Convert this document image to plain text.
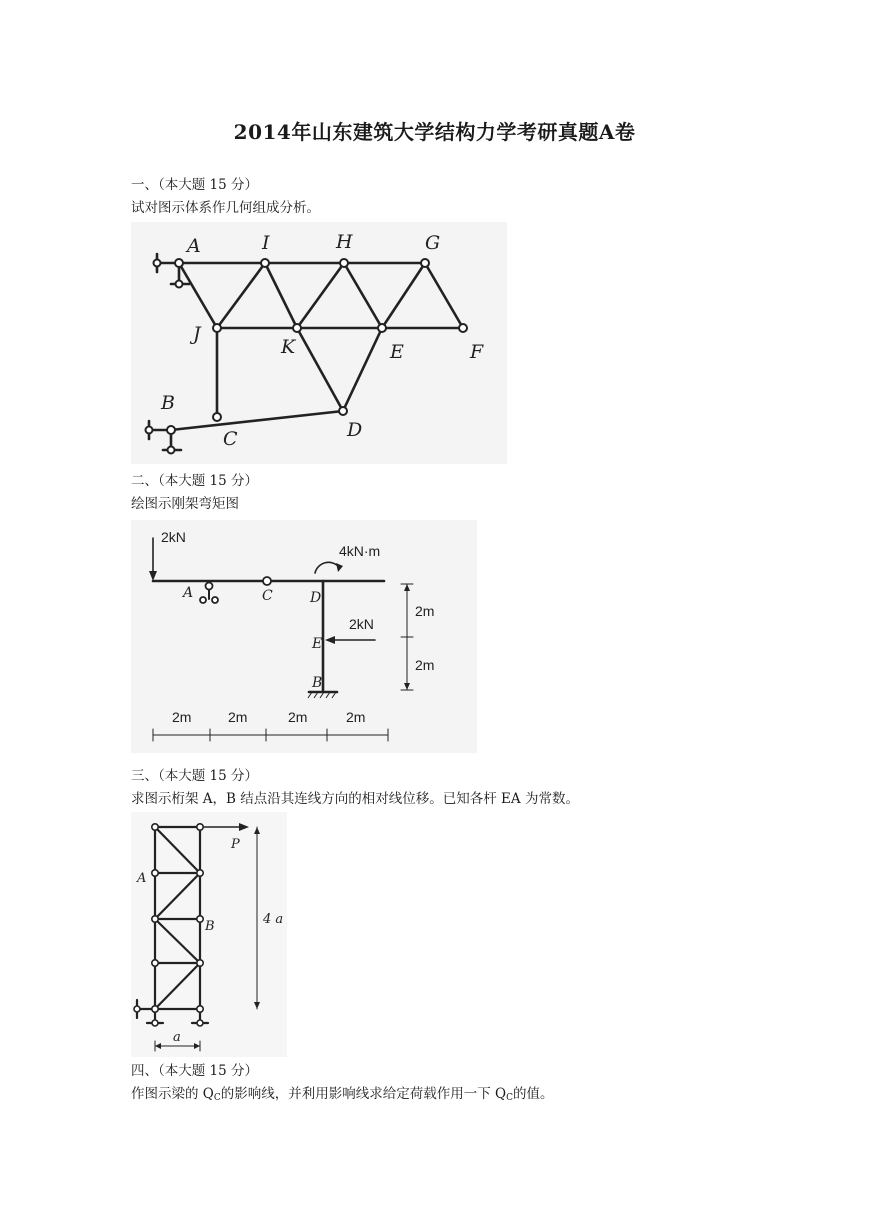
2014年山东建筑大学结构力学考研真题A卷
一、（本大题 15 分）
试对图示体系作几何组成分析。
A	I	H	G
J
K	E	F
B
C	D
二、（本大题 15 分）
绘图示刚架弯矩图
2kN
4kN·m
2kN
2m
2m
2m	2m	2m	2m
A	C	D
E
B
三、（本大题 15 分）
求图示桁架 A，B 结点沿其连线方向的相对线位移。已知各杆 EA 为常数。
P
A
B	4 a
a
四、（本大题 15 分）
作图示梁的 $Q_C$的影响线，并利用影响线求给定荷载作用一下 $Q_C$的值。
